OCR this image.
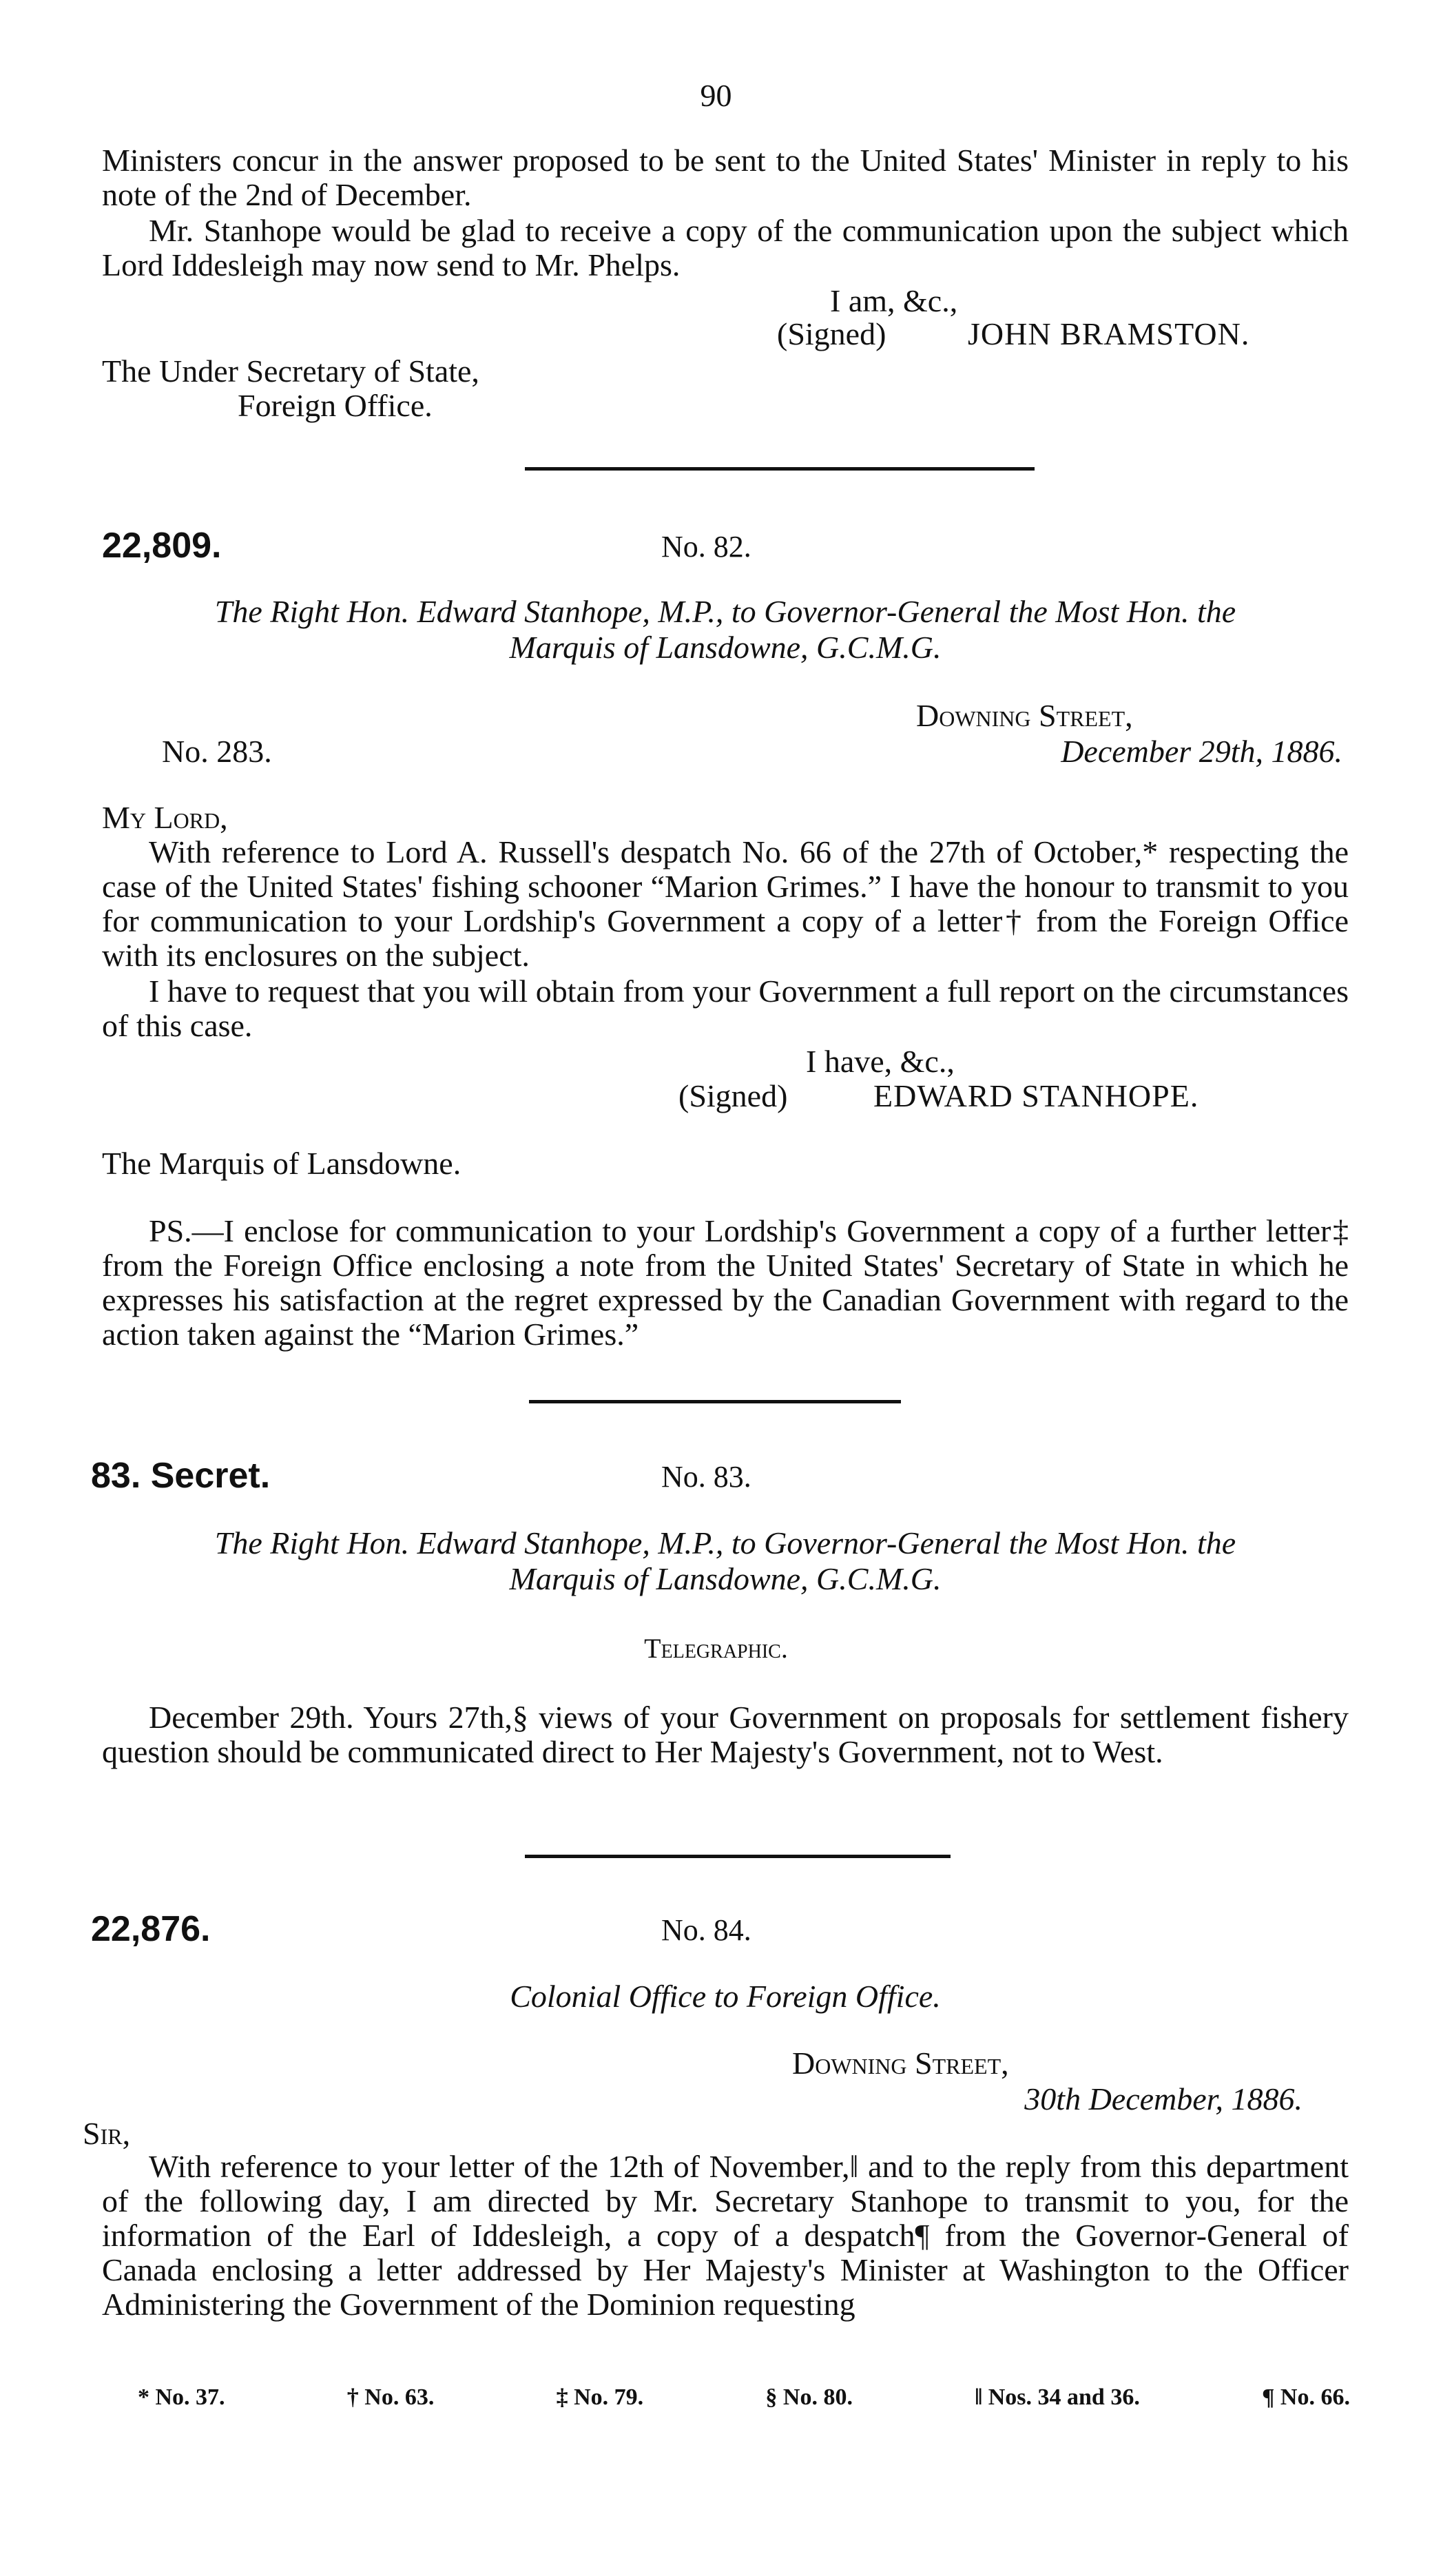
90
Ministers concur in the answer proposed to be sent to the United States' Minister in reply to his note of the 2nd of December.
Mr. Stanhope would be glad to receive a copy of the communication upon the subject which Lord Iddesleigh may now send to Mr. Phelps.
I am, &c.,
(Signed)	JOHN BRAMSTON.
The Under Secretary of State,
Foreign Office.
22,809.	No. 82.
The Right Hon. Edward Stanhope, M.P., to Governor-General the Most Hon. the
Marquis of Lansdowne, G.C.M.G.
Downing Street,
No. 283.	December 29th, 1886.
My Lord,
With reference to Lord A. Russell's despatch No. 66 of the 27th of October,* respecting the case of the United States' fishing schooner “Marion Grimes.” I have the honour to transmit to you for communication to your Lordship's Government a copy of a letter† from the Foreign Office with its enclosures on the subject.
I have to request that you will obtain from your Government a full report on the circumstances of this case.
I have, &c.,
(Signed)	EDWARD STANHOPE.
The Marquis of Lansdowne.
PS.—I enclose for communication to your Lordship's Government a copy of a further letter‡ from the Foreign Office enclosing a note from the United States' Secretary of State in which he expresses his satisfaction at the regret expressed by the Canadian Government with regard to the action taken against the “Marion Grimes.”
83. Secret.	No. 83.
The Right Hon. Edward Stanhope, M.P., to Governor-General the Most Hon. the
Marquis of Lansdowne, G.C.M.G.
Telegraphic.
December 29th. Yours 27th,§ views of your Government on proposals for settlement fishery question should be communicated direct to Her Majesty's Government, not to West.
22,876.	No. 84.
Colonial Office to Foreign Office.
Downing Street,
30th December, 1886.
Sir,
With reference to your letter of the 12th of November,‖ and to the reply from this department of the following day, I am directed by Mr. Secretary Stanhope to transmit to you, for the information of the Earl of Iddesleigh, a copy of a despatch¶ from the Governor-General of Canada enclosing a letter addressed by Her Majesty's Minister at Washington to the Officer Administering the Government of the Dominion requesting
* No. 37.	† No. 63.	‡ No. 79.	§ No. 80.	‖ Nos. 34 and 36.	¶ No. 66.
